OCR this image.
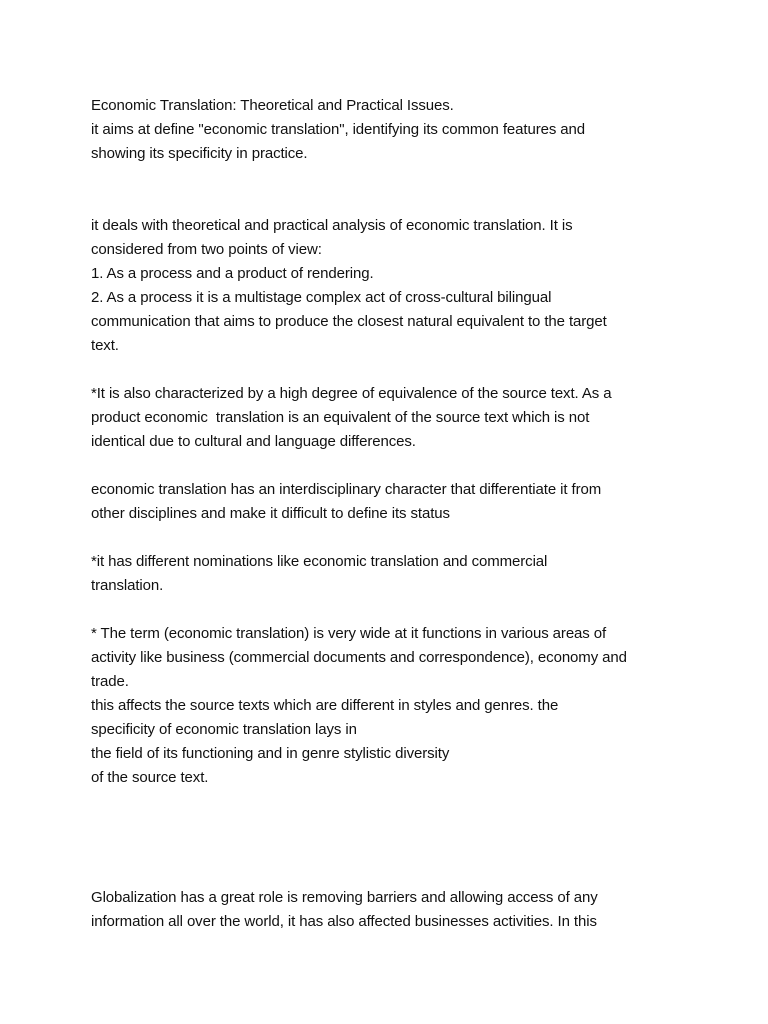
Economic Translation: Theoretical and Practical Issues.
it aims at define "economic translation", identifying its common features and
showing its specificity in practice.
it deals with theoretical and practical analysis of economic translation. It is
considered from two points of view:
1. As a process and a product of rendering.
2. As a process it is a multistage complex act of cross-cultural bilingual
communication that aims to produce the closest natural equivalent to the target
text.
*It is also characterized by a high degree of equivalence of the source text. As a
product economic  translation is an equivalent of the source text which is not
identical due to cultural and language differences.
economic translation has an interdisciplinary character that differentiate it from
other disciplines and make it difficult to define its status
*it has different nominations like economic translation and commercial
translation.
* The term (economic translation) is very wide at it functions in various areas of
activity like business (commercial documents and correspondence), economy and
trade.
this affects the source texts which are different in styles and genres. the
specificity of economic translation lays in
the field of its functioning and in genre stylistic diversity
of the source text.
Globalization has a great role is removing barriers and allowing access of any
information all over the world, it has also affected businesses activities. In this
